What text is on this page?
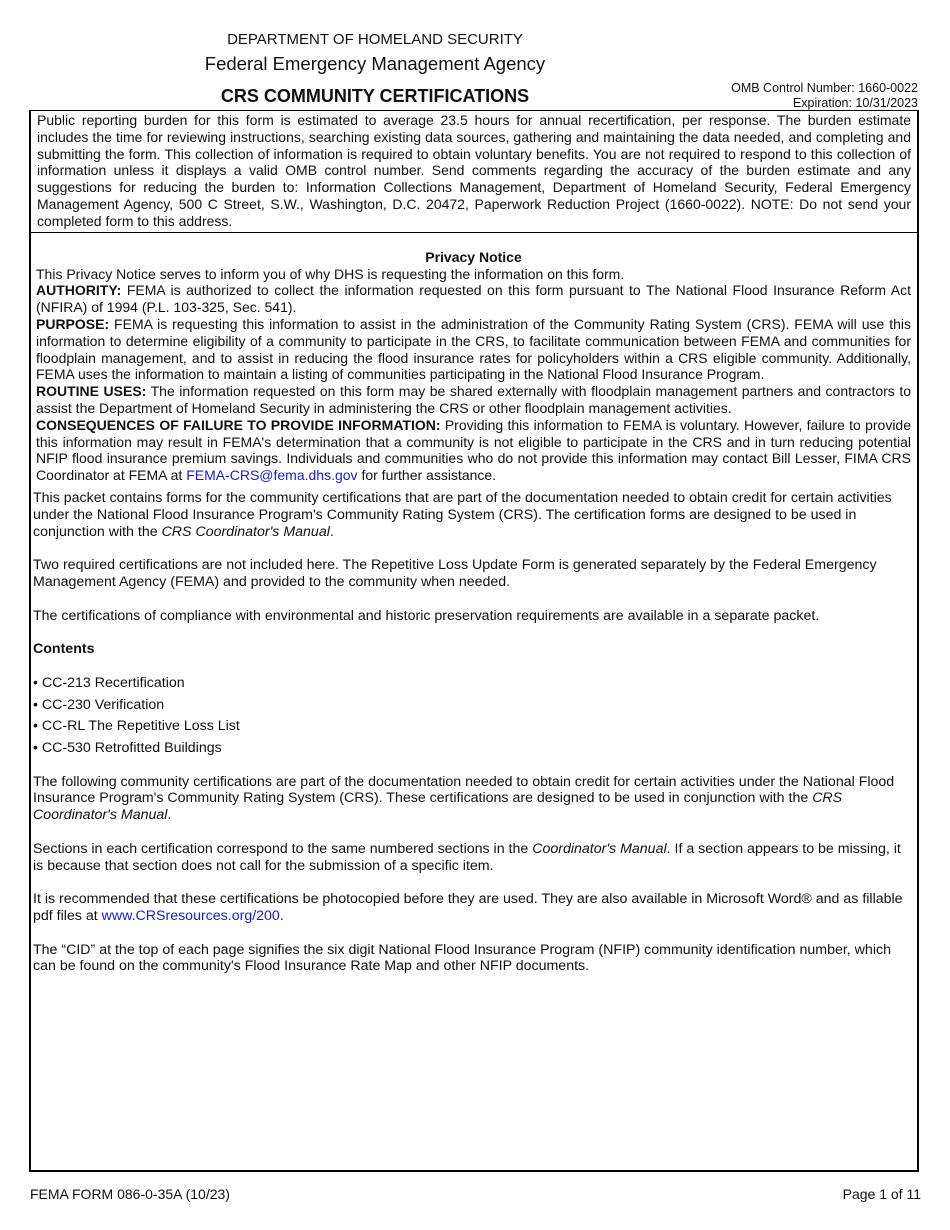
DEPARTMENT OF HOMELAND SECURITY
Federal Emergency Management Agency
CRS COMMUNITY CERTIFICATIONS	OMB Control Number: 1660-0022
Expiration: 10/31/2023
Public reporting burden for this form is estimated to average 23.5 hours for annual recertification, per response. The burden estimate includes the time for reviewing instructions, searching existing data sources, gathering and maintaining the data needed, and completing and submitting the form. This collection of information is required to obtain voluntary benefits. You are not required to respond to this collection of information unless it displays a valid OMB control number. Send comments regarding the accuracy of the burden estimate and any suggestions for reducing the burden to: Information Collections Management, Department of Homeland Security, Federal Emergency Management Agency, 500 C Street, S.W., Washington, D.C. 20472, Paperwork Reduction Project (1660-0022). NOTE: Do not send your completed form to this address.
Privacy Notice

This Privacy Notice serves to inform you of why DHS is requesting the information on this form.

AUTHORITY: FEMA is authorized to collect the information requested on this form pursuant to The National Flood Insurance Reform Act (NFIRA) of 1994 (P.L. 103-325, Sec. 541).

PURPOSE: FEMA is requesting this information to assist in the administration of the Community Rating System (CRS). FEMA will use this information to determine eligibility of a community to participate in the CRS, to facilitate communication between FEMA and communities for floodplain management, and to assist in reducing the flood insurance rates for policyholders within a CRS eligible community. Additionally, FEMA uses the information to maintain a listing of communities participating in the National Flood Insurance Program.

ROUTINE USES: The information requested on this form may be shared externally with floodplain management partners and contractors to assist the Department of Homeland Security in administering the CRS or other floodplain management activities.

CONSEQUENCES OF FAILURE TO PROVIDE INFORMATION: Providing this information to FEMA is voluntary. However, failure to provide this information may result in FEMA's determination that a community is not eligible to participate in the CRS and in turn reducing potential NFIP flood insurance premium savings. Individuals and communities who do not provide this information may contact Bill Lesser, FIMA CRS Coordinator at FEMA at FEMA-CRS@fema.dhs.gov for further assistance.

This packet contains forms for the community certifications that are part of the documentation needed to obtain credit for certain activities under the National Flood Insurance Program's Community Rating System (CRS). The certification forms are designed to be used in conjunction with the CRS Coordinator's Manual.

Two required certifications are not included here. The Repetitive Loss Update Form is generated separately by the Federal Emergency Management Agency (FEMA) and provided to the community when needed.

The certifications of compliance with environmental and historic preservation requirements are available in a separate packet.

Contents

• CC-213 Recertification
• CC-230 Verification
• CC-RL The Repetitive Loss List
• CC-530 Retrofitted Buildings

The following community certifications are part of the documentation needed to obtain credit for certain activities under the National Flood Insurance Program's Community Rating System (CRS). These certifications are designed to be used in conjunction with the CRS Coordinator's Manual.

Sections in each certification correspond to the same numbered sections in the Coordinator's Manual. If a section appears to be missing, it is because that section does not call for the submission of a specific item.

It is recommended that these certifications be photocopied before they are used. They are also available in Microsoft Word® and as fillable pdf files at www.CRSresources.org/200.

The “CID” at the top of each page signifies the six digit National Flood Insurance Program (NFIP) community identification number, which can be found on the community's Flood Insurance Rate Map and other NFIP documents.

FEMA FORM 086-0-35A (10/23)	Page 1 of 11
